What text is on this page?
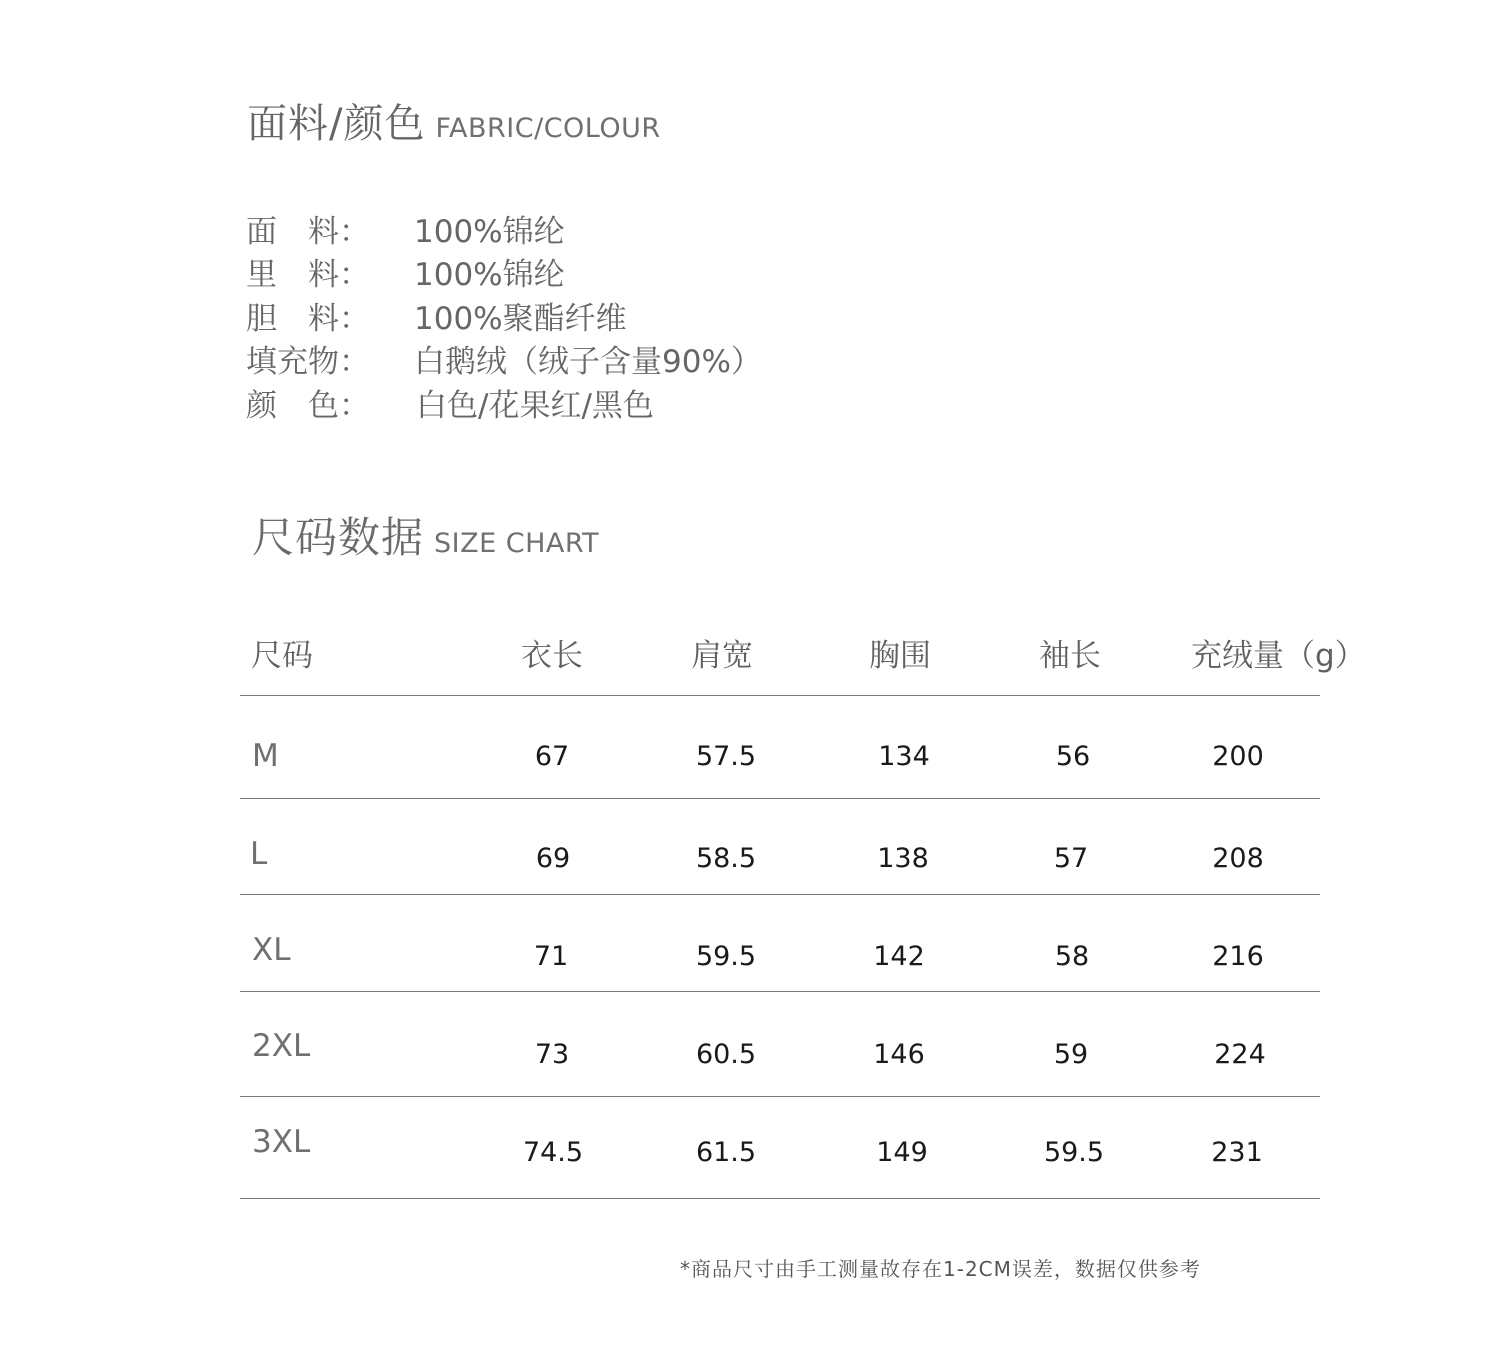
面料/颜色 FABRIC/COLOUR
面　料： 100%锦纶
里　料： 100%锦纶
胆　料： 100%聚酯纤维
填充物： 白鹅绒（绒子含量90%）
颜　色： 白色/花果红/黑色
尺码数据 SIZE CHART
尺码	衣长	肩宽	胸围	袖长	充绒量（g）
M	67	57.5	134	56	200
L	69	58.5	138	57	208
XL	71	59.5	142	58	216
2XL	73	60.5	146	59	224
3XL	74.5	61.5	149	59.5	231
*商品尺寸由手工测量故存在1-2CM误差，数据仅供参考
